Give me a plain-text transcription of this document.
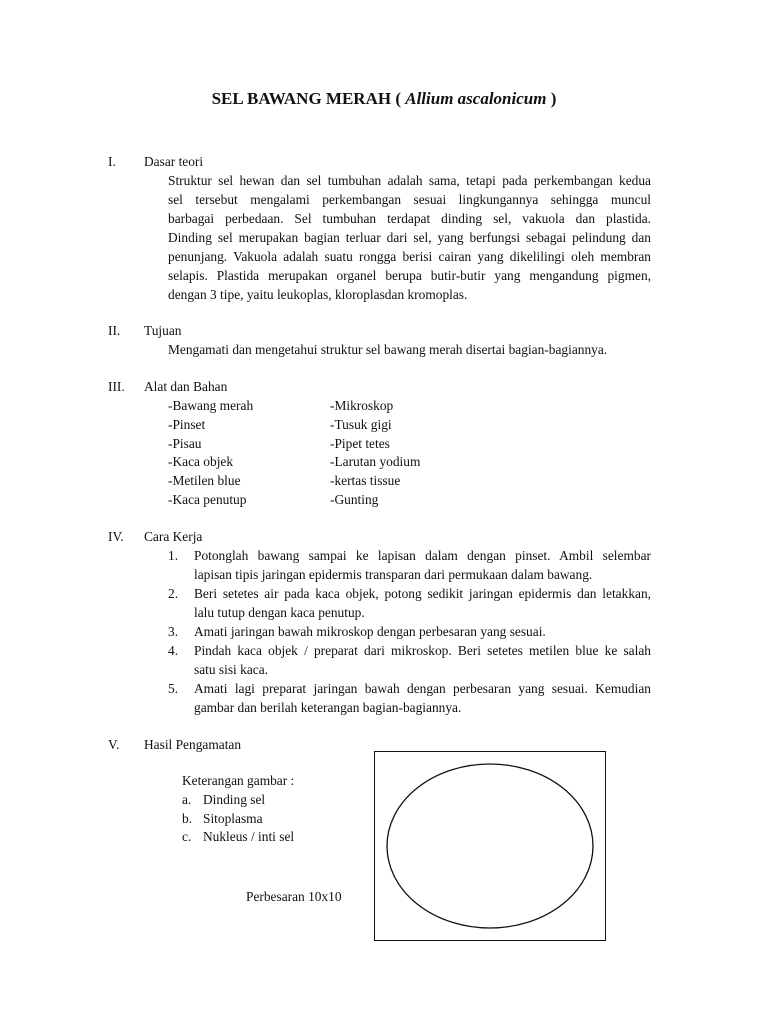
SEL BAWANG MERAH ( Allium ascalonicum )
I. Dasar teori

Struktur sel hewan dan sel tumbuhan adalah sama, tetapi pada perkembangan kedua

sel tersebut mengalami perkembangan sesuai lingkungannya sehingga muncul

barbagai perbedaan. Sel tumbuhan terdapat dinding sel, vakuola dan plastida.

Dinding sel merupakan bagian terluar dari sel, yang berfungsi sebagai pelindung dan

penunjang. Vakuola adalah suatu rongga berisi cairan yang dikelilingi oleh membran

selapis. Plastida merupakan organel berupa butir-butir yang mengandung pigmen,

dengan 3 tipe, yaitu leukoplas, kloroplasdan kromoplas.

II. Tujuan

Mengamati dan mengetahui struktur sel bawang merah disertai bagian-bagiannya.

III. Alat dan Bahan
-Bawang merah	-Mikroskop
-Pinset	-Tusuk gigi
-Pisau	-Pipet tetes
-Kaca objek	-Larutan yodium
-Metilen blue	-kertas tissue
-Kaca penutup	-Gunting
IV. Cara Kerja
1. Potonglah bawang sampai ke lapisan dalam dengan pinset. Ambil selembar
lapisan tipis jaringan epidermis transparan dari permukaan dalam bawang.
2. Beri setetes air pada kaca objek, potong sedikit jaringan epidermis dan letakkan,
lalu tutup dengan kaca penutup.
3. Amati jaringan bawah mikroskop dengan perbesaran yang sesuai.
4. Pindah kaca objek / preparat dari mikroskop. Beri setetes metilen blue ke salah
satu sisi kaca.
5. Amati lagi preparat jaringan bawah dengan perbesaran yang sesuai. Kemudian
gambar dan berilah keterangan bagian-bagiannya.
V. Hasil Pengamatan
Keterangan gambar :
a. Dinding sel
b. Sitoplasma
c. Nukleus / inti sel
Perbesaran 10x10
